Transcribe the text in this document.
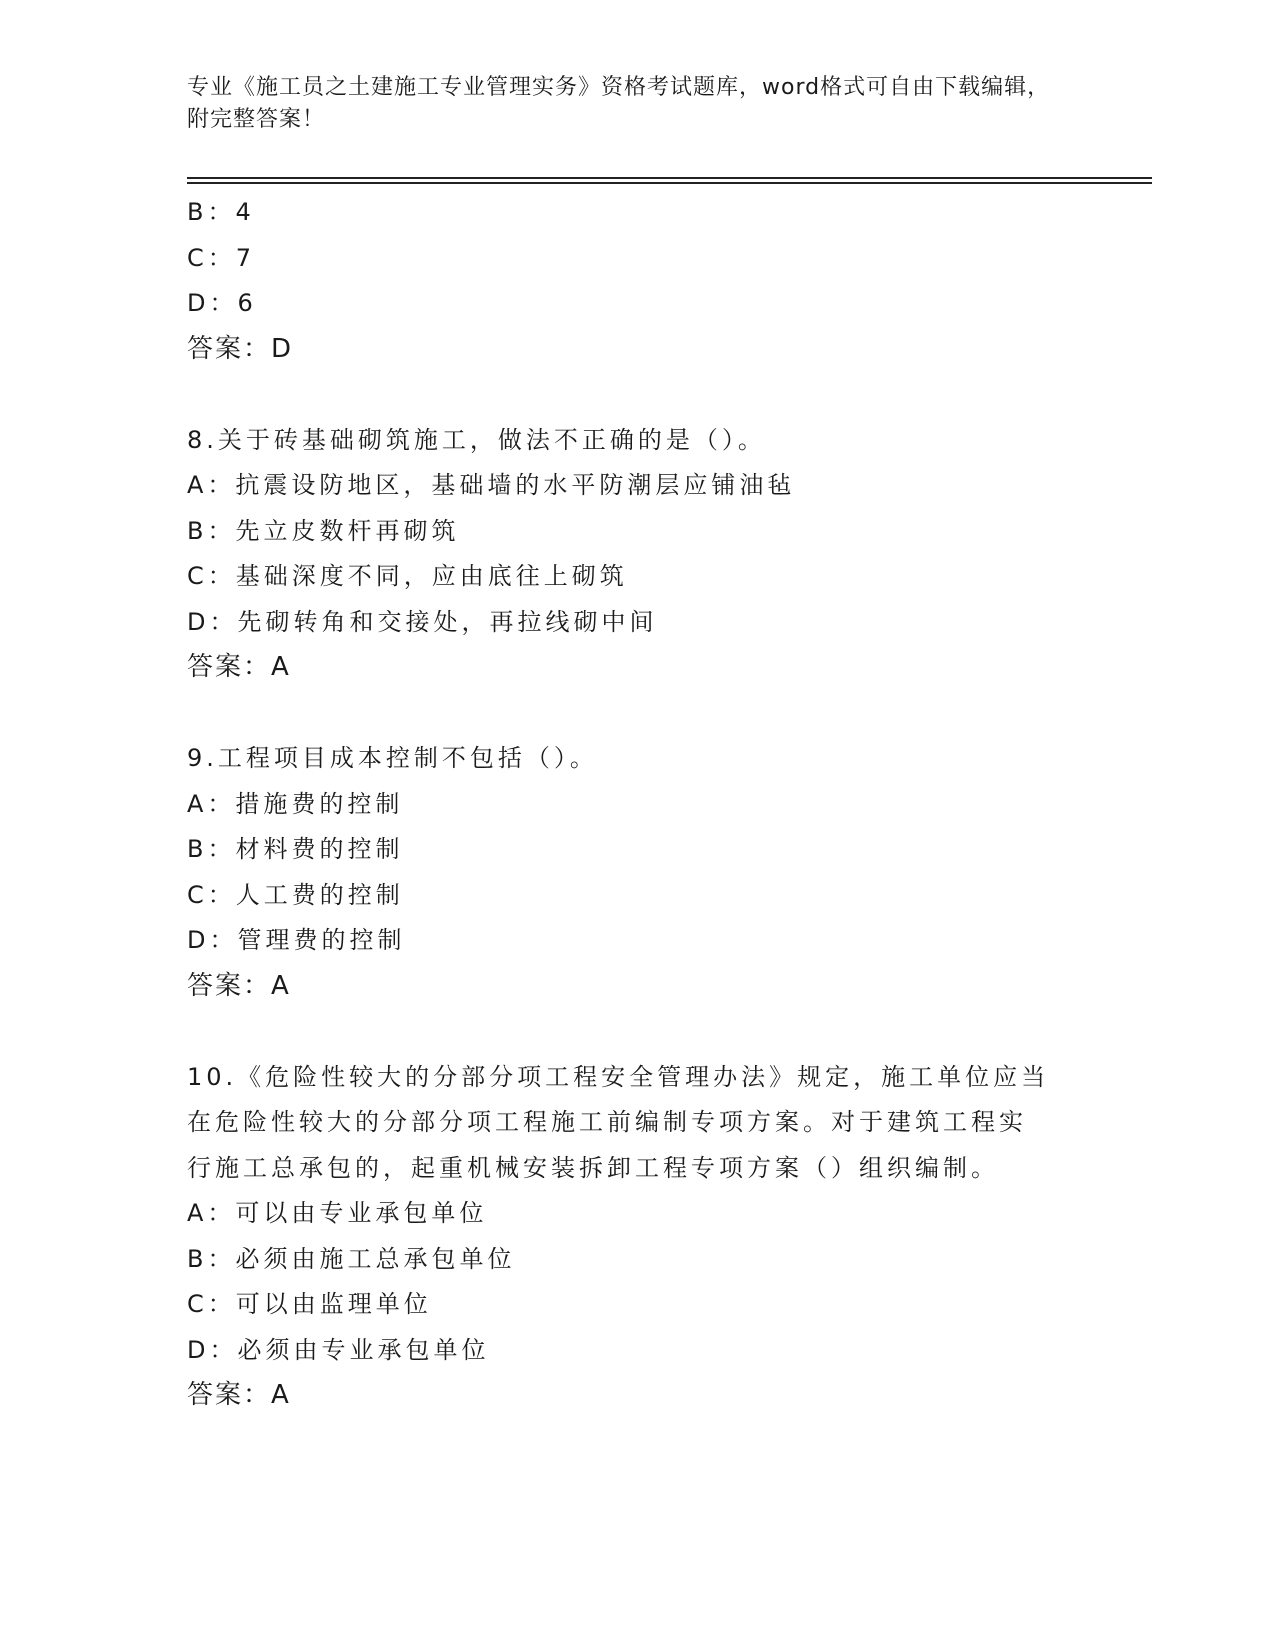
专业《施工员之土建施工专业管理实务》资格考试题库，word格式可自由下载编辑，附完整答案！
B：4
C：7
D：6
答案：D
8.关于砖基础砌筑施工，做法不正确的是（）。
A：抗震设防地区，基础墙的水平防潮层应铺油毡
B：先立皮数杆再砌筑
C：基础深度不同，应由底往上砌筑
D：先砌转角和交接处，再拉线砌中间
答案：A
9.工程项目成本控制不包括（）。
A：措施费的控制
B：材料费的控制
C：人工费的控制
D：管理费的控制
答案：A
10.《危险性较大的分部分项工程安全管理办法》规定，施工单位应当
在危险性较大的分部分项工程施工前编制专项方案。对于建筑工程实
行施工总承包的，起重机械安装拆卸工程专项方案（）组织编制。
A：可以由专业承包单位
B：必须由施工总承包单位
C：可以由监理单位
D：必须由专业承包单位
答案：A
